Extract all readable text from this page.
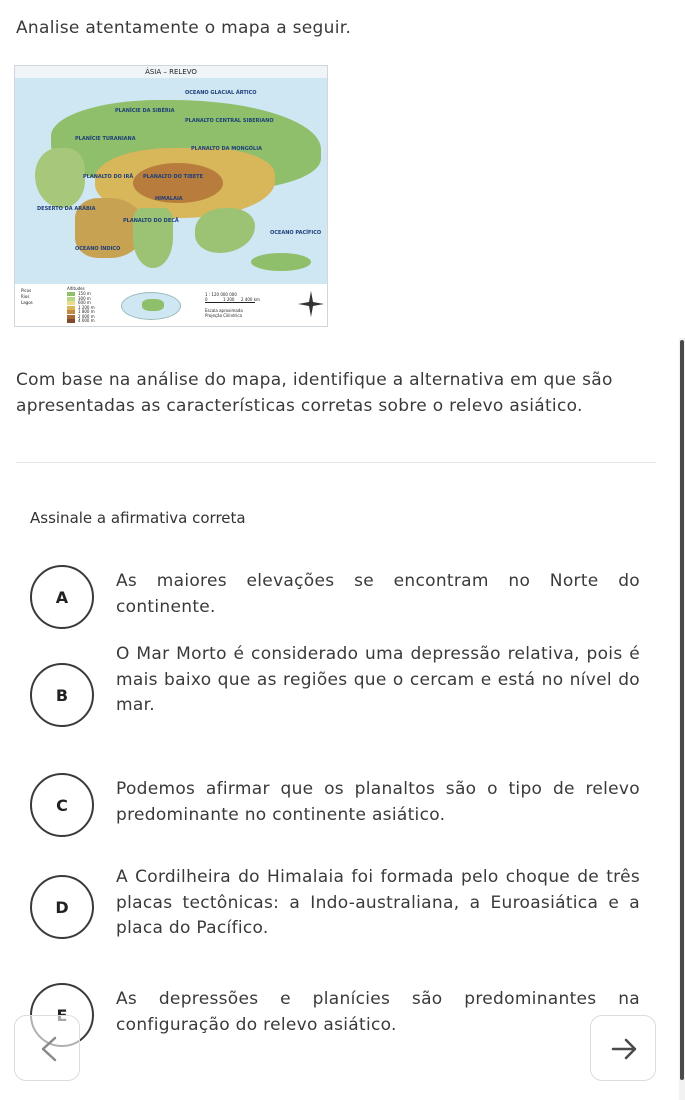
Analise atentamente o mapa a seguir.
ÁSIA – RELEVO
OCEANO GLACIAL ÁRTICO
PLANÍCIE DA SIBÉRIA
PLANALTO CENTRAL SIBERIANO
PLANÍCIE TURANIANA
PLANALTO DA MONGÓLIA
PLANALTO DO TIBETE
PLANALTO DO IRÃ
DESERTO DA ARÁBIA
PLANALTO DO DECÃ
OCEANO ÍNDICO
OCEANO PACÍFICO
HIMALAIA
Picos
Rios
Lagos
Altitudes
150 m
300 m
600 m
1 200 m
1 800 m
2 000 m
4 000 m
1 : 120 000 000
0	1 200 2 400 km
Escala aproximada
Projeção Cilíndrica
Com base na análise do mapa, identifique a alternativa em que são apresentadas as características corretas sobre o relevo asiático.
Assinale a afirmativa correta
A
As maiores elevações se encontram no Norte do continente.
B
O Mar Morto é considerado uma depressão relativa, pois é mais baixo que as regiões que o cercam e está no nível do mar.
C
Podemos afirmar que os planaltos são o tipo de relevo predominante no continente asiático.
D
A Cordilheira do Himalaia foi formada pelo choque de três placas tectônicas: a Indo-australiana, a Euroasiática e a placa do Pacífico.
As depressões e planícies são predominantes na configuração do relevo asiático.
